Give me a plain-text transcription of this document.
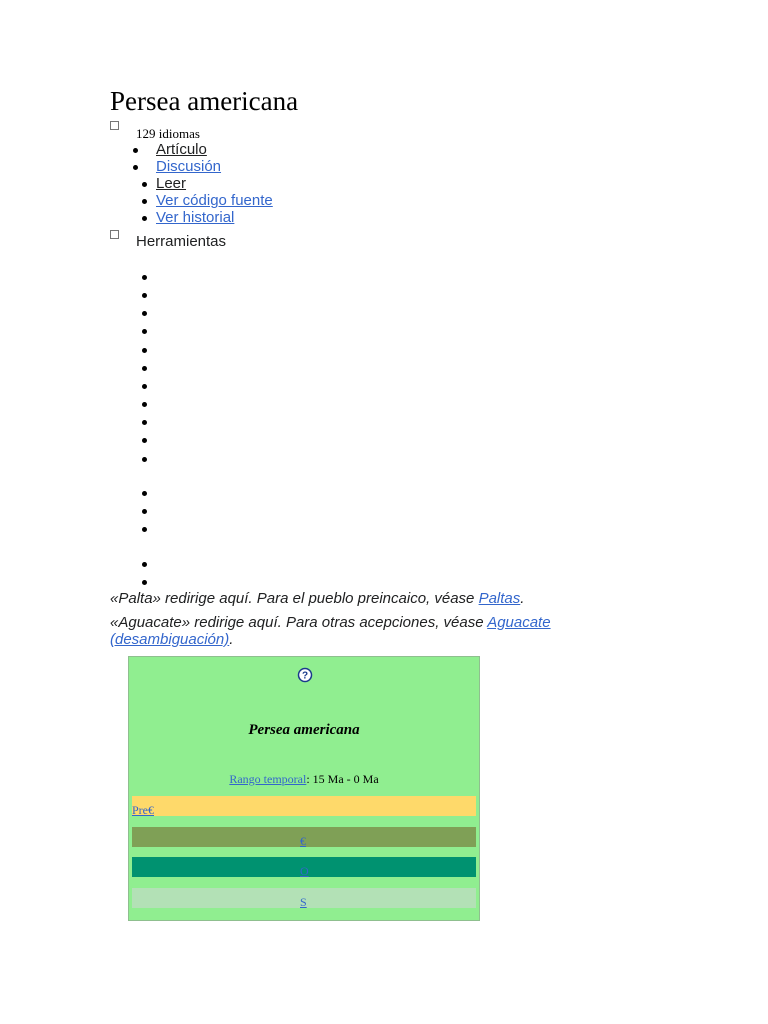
Persea americana
129 idiomas
Artículo
Discusión
Leer
Ver código fuente
Ver historial
Herramientas
«Palta» redirige aquí. Para el pueblo preincaico, véase Paltas.
«Aguacate» redirige aquí. Para otras acepciones, véase Aguacate
(desambiguación).
?
Persea americana
Rango temporal: 15 Ma - 0 Ma
Pre€
€
O
S
